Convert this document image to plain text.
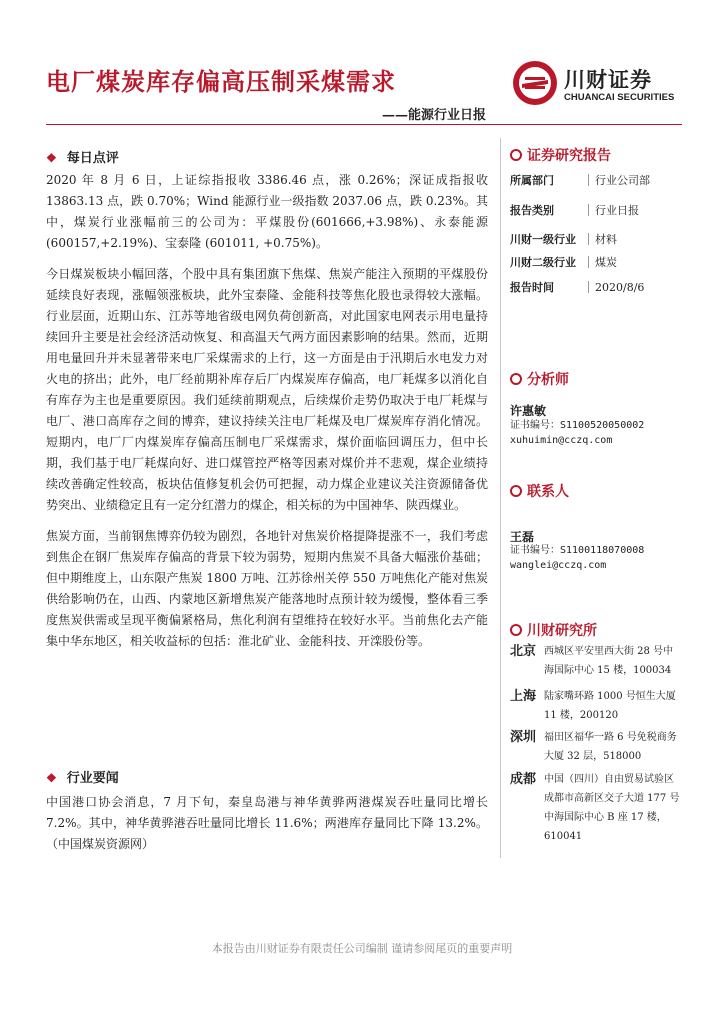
电厂煤炭库存偏高压制采煤需求
——能源行业日报
川财证券
CHUANCAI SECURITIES
❖ 每日点评

2020 年 8 月 6 日，上证综指报收 3386.46 点，涨 0.26%；深证成指报收 13863.13 点，跌 0.70%；Wind 能源行业一级指数 2037.06 点，跌 0.23%。其中，煤炭行业涨幅前三的公司为：平煤股份(601666,+3.98%)、永泰能源(600157,+2.19%)、宝泰隆 (601011, +0.75%)。

今日煤炭板块小幅回落，个股中具有集团旗下焦煤、焦炭产能注入预期的平煤股份延续良好表现，涨幅领涨板块，此外宝泰隆、金能科技等焦化股也录得较大涨幅。行业层面，近期山东、江苏等地省级电网负荷创新高，对此国家电网表示用电量持续回升主要是社会经济活动恢复、和高温天气两方面因素影响的结果。然而，近期用电量回升并未显著带来电厂采煤需求的上行，这一方面是由于汛期后水电发力对火电的挤出；此外，电厂经前期补库存后厂内煤炭库存偏高，电厂耗煤多以消化自有库存为主也是重要原因。我们延续前期观点，后续煤价走势仍取决于电厂耗煤与电厂、港口高库存之间的博弈，建议持续关注电厂耗煤及电厂煤炭库存消化情况。短期内，电厂厂内煤炭库存偏高压制电厂采煤需求，煤价面临回调压力，但中长期，我们基于电厂耗煤向好、进口煤管控严格等因素对煤价并不悲观，煤企业绩持续改善确定性较高，板块估值修复机会仍可把握，动力煤企业建议关注资源储备优势突出、业绩稳定且有一定分红潜力的煤企，相关标的为中国神华、陕西煤业。

焦炭方面，当前钢焦博弈仍较为剧烈，各地针对焦炭价格提降提涨不一，我们考虑到焦企在钢厂焦炭库存偏高的背景下较为弱势，短期内焦炭不具备大幅涨价基础；但中期维度上，山东限产焦炭 1800 万吨、江苏徐州关停 550 万吨焦化产能对焦炭供给影响仍在，山西、内蒙地区新增焦炭产能落地时点预计较为缓慢，整体看三季度焦炭供需或呈现平衡偏紧格局，焦化利润有望维持在较好水平。当前焦化去产能集中华东地区，相关收益标的包括：淮北矿业、金能科技、开滦股份等。

❖ 行业要闻

中国港口协会消息，7 月下旬，秦皇岛港与神华黄骅两港煤炭吞吐量同比增长 7.2%。其中，神华黄骅港吞吐量同比增长 11.6%；两港库存量同比下降 13.2%。（中国煤炭资源网）

证券研究报告
所属部门	行业公司部
报告类别	行业日报
川财一级行业 材料
川财二级行业 煤炭
报告时间	2020/8/6
分析师
许惠敏
证书编号：S1100520050002
xuhuimin@cczq.com
联系人
王磊
证书编号：S1100118070008
wanglei@cczq.com
川财研究所
北京 西城区平安里西大街 28 号中海国际中心 15 楼，100034
上海 陆家嘴环路 1000 号恒生大厦 11 楼，200120
深圳 福田区福华一路 6 号免税商务大厦 32 层，518000
成都 中国（四川）自由贸易试验区成都市高新区交子大道 177 号中海国际中心 B 座 17 楼，610041
本报告由川财证券有限责任公司编制 谨请参阅尾页的重要声明
